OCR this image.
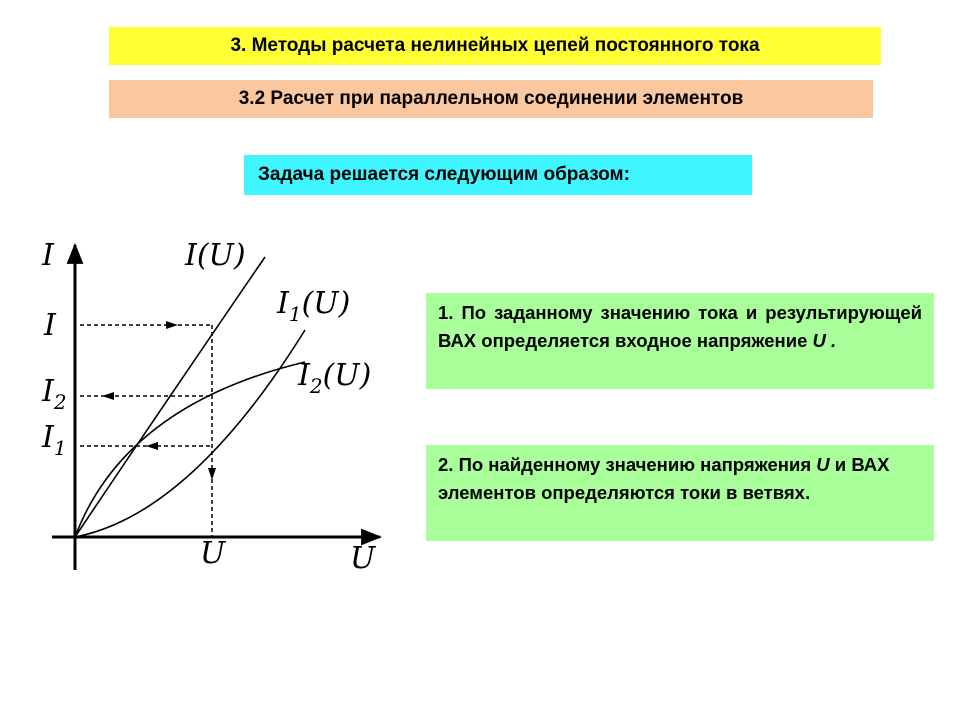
3. Методы расчета нелинейных цепей постоянного тока
3.2 Расчет при параллельном соединении элементов
Задача решается следующим образом:
I
U
I(U)
$I_1(U)$
$I_2(U)$
I
$I_2$
$I_1$
U
1. По заданному значению тока и результирующей ВАХ определяется входное напряжение U .
2. По найденному значению напряжения U и ВАХ элементов определяются токи в ветвях.
